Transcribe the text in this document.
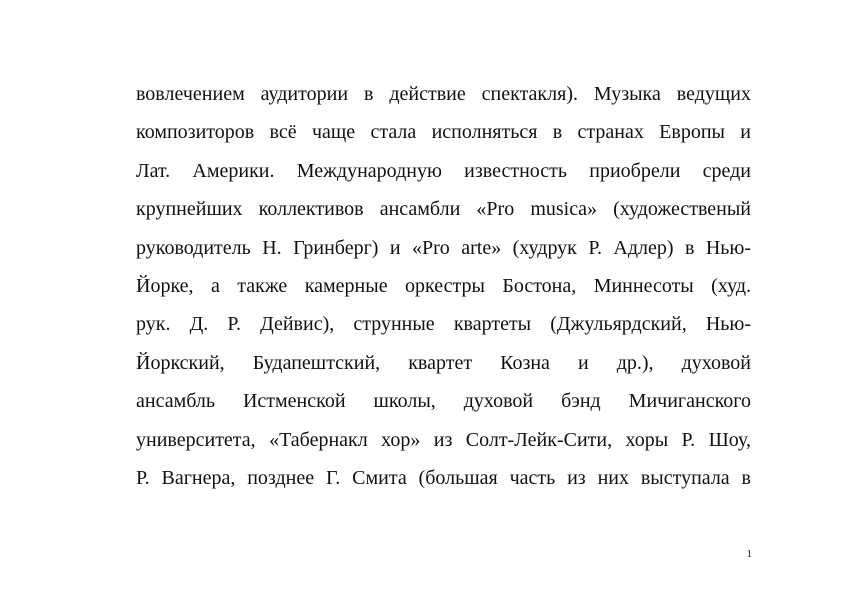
вовлечением аудитории в действие спектакля). Музыка ведущих
композиторов всё чаще стала исполняться в странах Европы и
Лат. Америки. Международную известность приобрели среди
крупнейших коллективов ансамбли «Pro musica» (художественый
руководитель Н. Гринберг) и «Pro arte» (худрук Р. Адлер) в Нью-
Йорке, а также камерные оркестры Бостона, Миннесоты (худ.
рук. Д. Р. Дейвис), струнные квартеты (Джульярдский, Нью-
Йоркский, Будапештский, квартет Козна и др.), духовой
ансамбль Истменской школы, духовой бэнд Мичиганского
университета, «Табернакл хор» из Солт-Лейк-Сити, хоры Р. Шоу,
Р. Вагнера, позднее Г. Смита (большая часть из них выступала в
1
